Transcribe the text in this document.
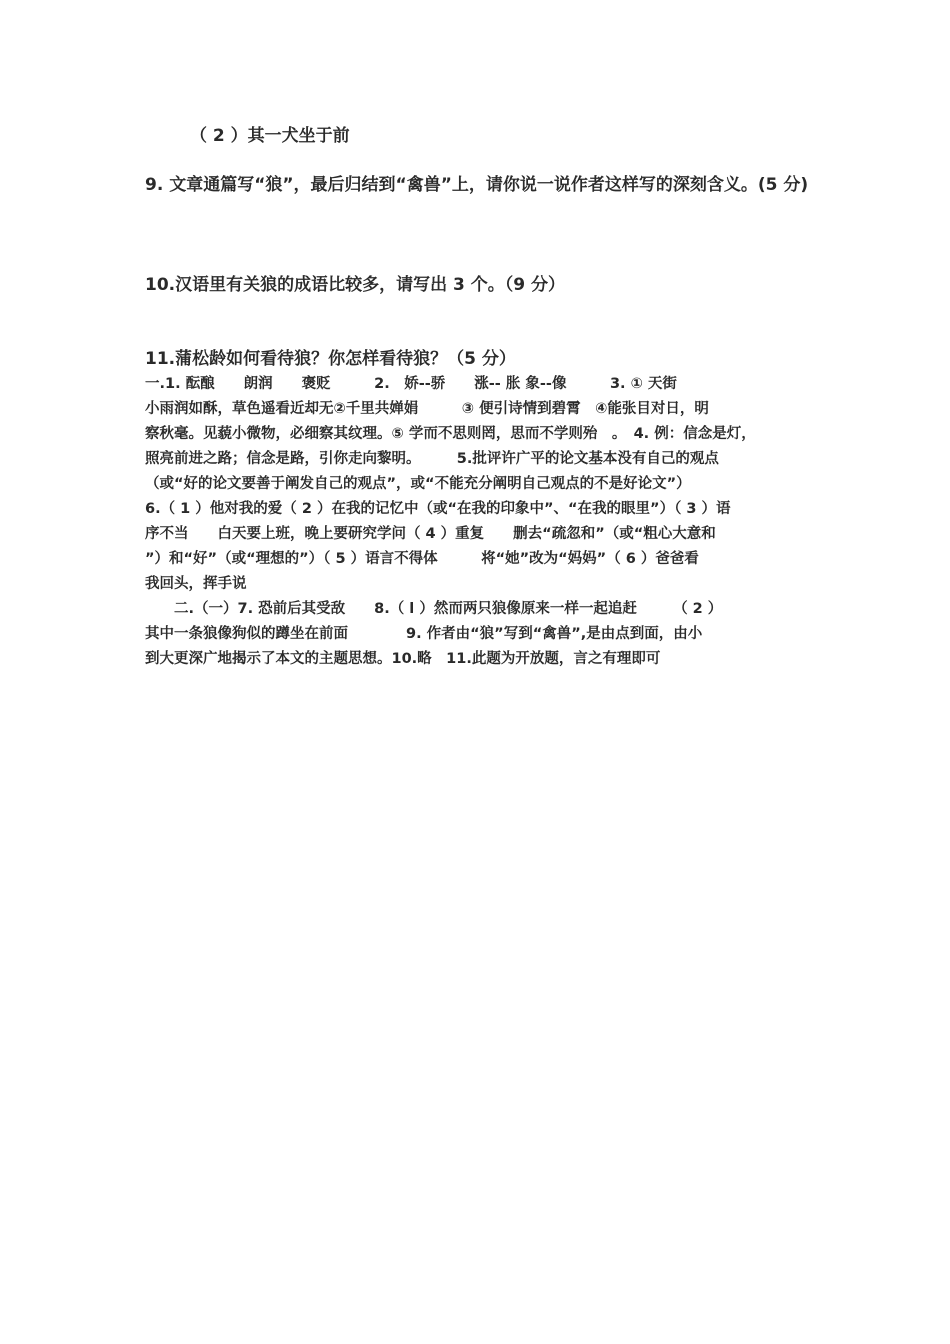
（ 2 ）其一犬坐于前
9. 文章通篇写“狼”，最后归结到“禽兽”上，请你说一说作者这样写的深刻含义。(5 分)
10.汉语里有关狼的成语比较多，请写出 3 个。（9 分）
11.蒲松龄如何看待狼？你怎样看待狼？（5 分）
一.1. 酝酿　　朗润　　褒贬　　　2.　娇--骄　　涨-- 胀 象--像　　　3. ① 天街
小雨润如酥，草色遥看近却无②千里共婵娟　　　③ 便引诗情到碧霄　④能张目对日，明
察秋毫。见藐小微物，必细察其纹理。⑤ 学而不思则罔，思而不学则殆　。　4. 例：信念是灯，
照亮前进之路；信念是路，引你走向黎明。　　　5.批评许广平的论文基本没有自己的观点
（或“好的论文要善于阐发自己的观点”，或“不能充分阐明自己观点的不是好论文”）
6.（ 1 ）他对我的爱（ 2 ）在我的记忆中（或“在我的印象中”、“在我的眼里”）（ 3 ）语
序不当　　白天要上班，晚上要研究学问（ 4 ）重复　　删去“疏忽和”（或“粗心大意和
”）和“好”（或“理想的”）（ 5 ）语言不得体　　　将“她”改为“妈妈”（ 6 ）爸爸看
我回头，挥手说
　　二.（一）7. 恐前后其受敌　　8.（ l ）然而两只狼像原来一样一起追赶　　　（ 2 ）
其中一条狼像狗似的蹲坐在前面　　　　9. 作者由“狼”写到“禽兽”,是由点到面，由小
到大更深广地揭示了本文的主题思想。10.略　11.此题为开放题，言之有理即可
